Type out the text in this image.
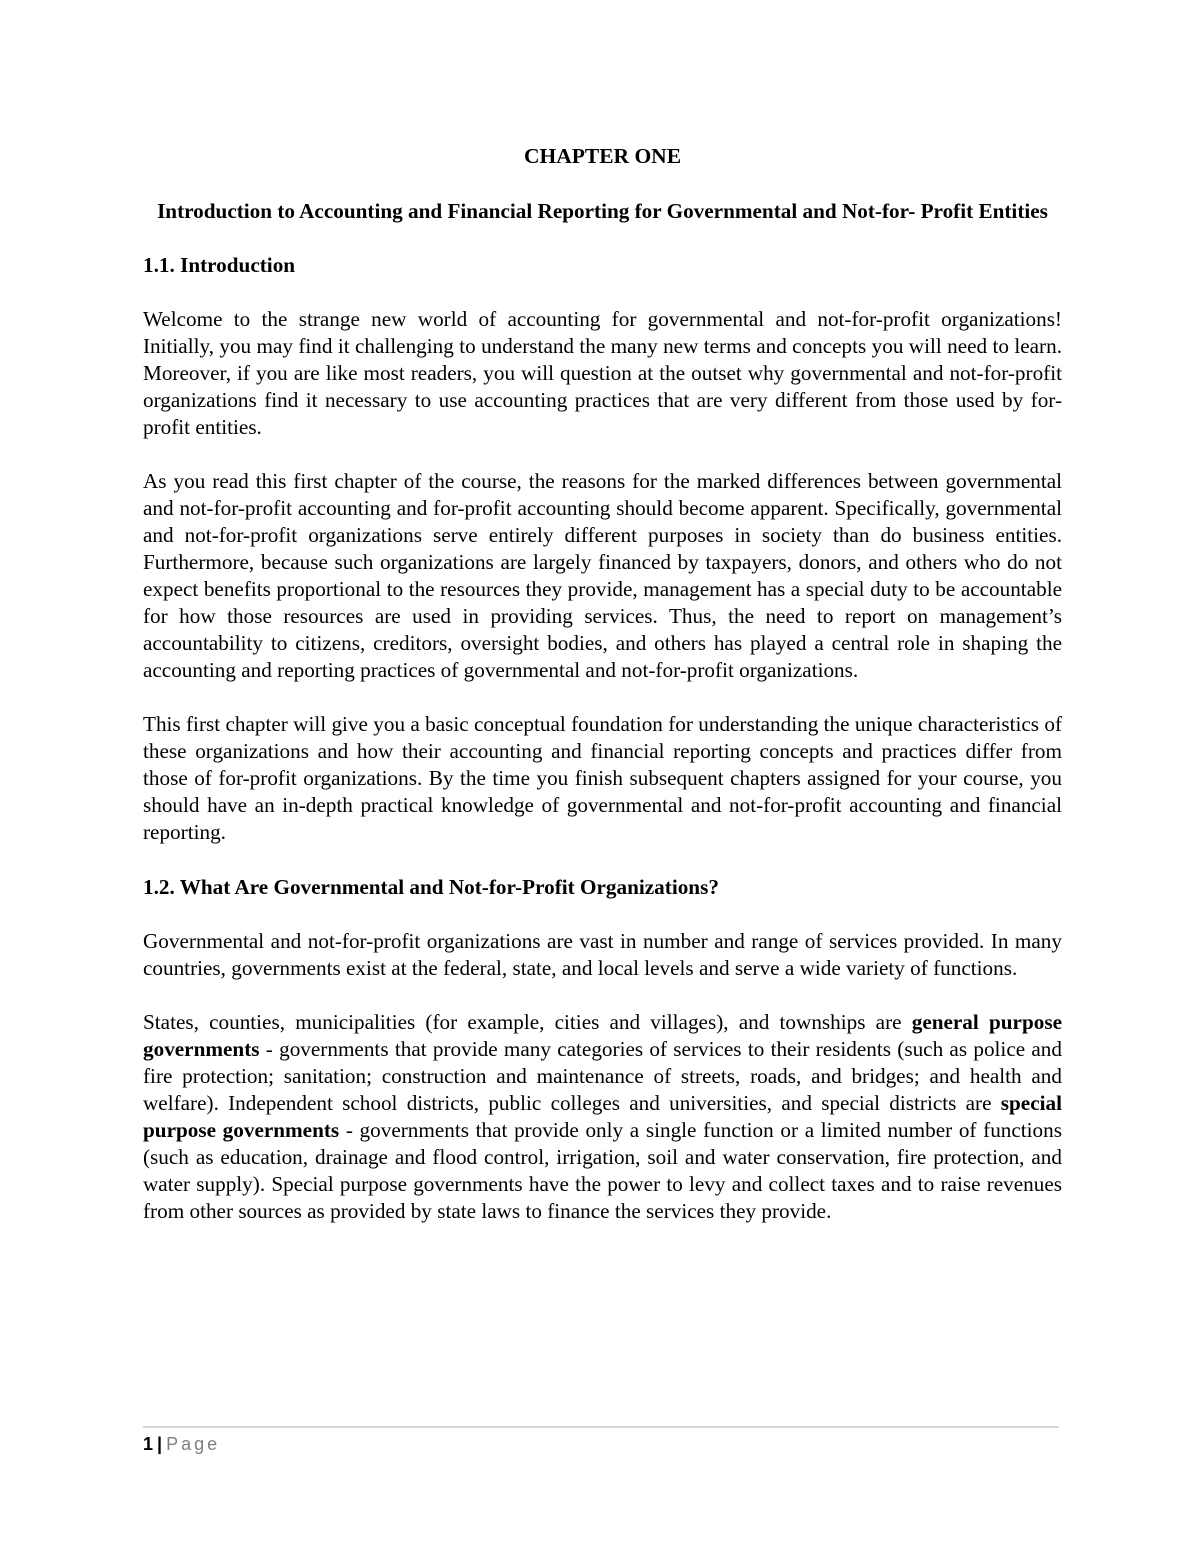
CHAPTER ONE
Introduction to Accounting and Financial Reporting for Governmental and Not-for- Profit Entities
1.1. Introduction

Welcome to the strange new world of accounting for governmental and not-for-profit organizations! Initially, you may find it challenging to understand the many new terms and concepts you will need to learn. Moreover, if you are like most readers, you will question at the outset why governmental and not-for-profit organizations find it necessary to use accounting practices that are very different from those used by for-profit entities.

As you read this first chapter of the course, the reasons for the marked differences between governmental and not-for-profit accounting and for-profit accounting should become apparent. Specifically, governmental and not-for-profit organizations serve entirely different purposes in society than do business entities. Furthermore, because such organizations are largely financed by taxpayers, donors, and others who do not expect benefits proportional to the resources they provide, management has a special duty to be accountable for how those resources are used in providing services. Thus, the need to report on management’s accountability to citizens, creditors, oversight bodies, and others has played a central role in shaping the accounting and reporting practices of governmental and not-for-profit organizations.

This first chapter will give you a basic conceptual foundation for understanding the unique characteristics of these organizations and how their accounting and financial reporting concepts and practices differ from those of for-profit organizations. By the time you finish subsequent chapters assigned for your course, you should have an in-depth practical knowledge of governmental and not-for-profit accounting and financial reporting.

1.2. What Are Governmental and Not-for-Profit Organizations?

Governmental and not-for-profit organizations are vast in number and range of services provided. In many countries, governments exist at the federal, state, and local levels and serve a wide variety of functions.

States, counties, municipalities (for example, cities and villages), and townships are general purpose governments - governments that provide many categories of services to their residents (such as police and fire protection; sanitation; construction and maintenance of streets, roads, and bridges; and health and welfare). Independent school districts, public colleges and universities, and special districts are special purpose governments - governments that provide only a single function or a limited number of functions (such as education, drainage and flood control, irrigation, soil and water conservation, fire protection, and water supply). Special purpose governments have the power to levy and collect taxes and to raise revenues from other sources as provided by state laws to finance the services they provide.

1 | Page
